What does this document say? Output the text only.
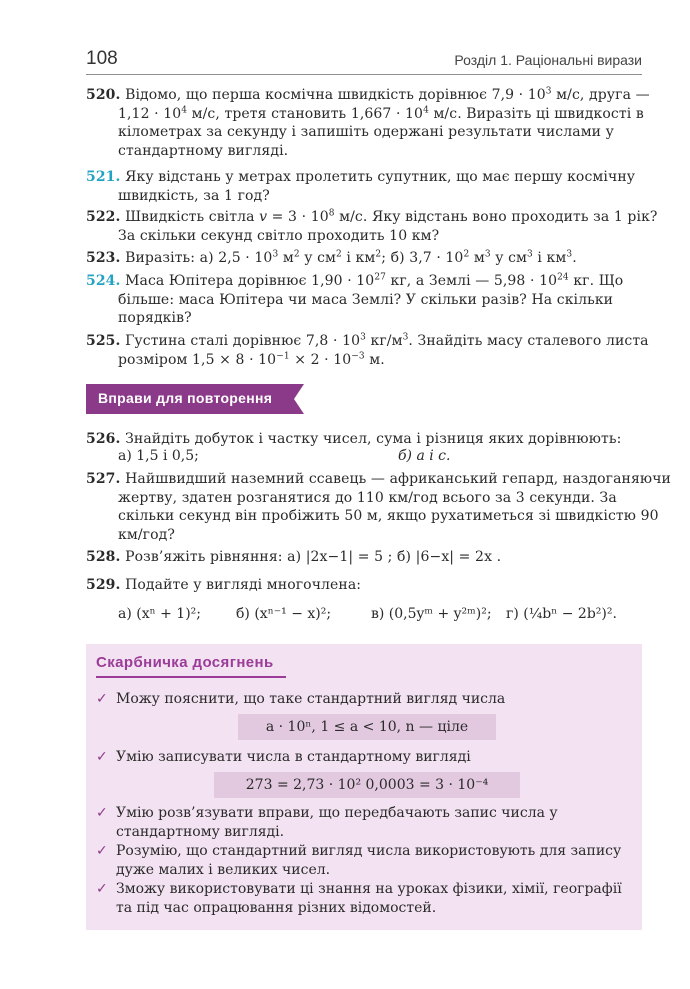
108	Розділ 1. Раціональні вирази
520. Відомо, що перша космічна швидкість дорівнює $7,9 \cdot 10^3$ м/с, друга — $1,12 \cdot 10^4$ м/с, третя становить $1,667 \cdot 10^4$ м/с. Виразіть ці швидкості в кілометрах за секунду і запишіть одержані результати числами у стандартному вигляді.
521. Яку відстань у метрах пролетить супутник, що має першу космічну швидкість, за 1 год?
522. Швидкість світла $v = 3 \cdot 10^8$ м/с. Яку відстань воно проходить за 1 рік? За скільки секунд світло проходить 10 км?
523. Виразіть: а) $2,5 \cdot 10^3$ $м^2$ у $см^2$ і $км^2$; б) $3,7 \cdot 10^2$ $м^3$ у $см^3$ і $км^3$.
524. Маса Юпітера дорівнює $1,90 \cdot 10^{27}$ кг, а Землі — $5,98 \cdot 10^{24}$ кг. Що більше: маса Юпітера чи маса Землі? У скільки разів? На скільки порядків?
525. Густина сталі дорівнює $7,8 \cdot 10^3$ $кг/м^3$. Знайдіть масу сталевого листа розміром $1,5 \times 8 \cdot 10^{-1} \times 2 \cdot 10^{-3}$ м.
Вправи для повторення
526. Знайдіть добуток і частку чисел, сума і різниця яких дорівнюють:
а) 1,5 і 0,5;	б) a і c.
527. Найшвидший наземний ссавець — африканський гепард, наздоганяючи жертву, здатен розганятися до 110 км/год всього за 3 секунди. За скільки секунд він пробіжить 50 м, якщо рухатиметься зі швидкістю 90 км/год?
528. Розв’яжіть рівняння: а) |2x−1| = 5 ; б) |6−x| = 2x .
529. Подайте у вигляді многочлена:
а) (xⁿ + 1)²; б) (xⁿ⁻¹ − x)²;	в) (0,5yᵐ + y²ᵐ)²; г) (¼bⁿ − 2b²)².
Скарбничка досягнень
✓ Можу пояснити, що таке стандартний вигляд числа
a · 10ⁿ, 1 ≤ a < 10, n — ціле
✓ Умію записувати числа в стандартному вигляді
273 = 2,73 · 10² 0,0003 = 3 · 10⁻⁴
✓ Умію розв’язувати вправи, що передбачають запис числа у стандартному вигляді.
✓ Розумію, що стандартний вигляд числа використовують для запису дуже малих і великих чисел.
✓ Зможу використовувати ці знання на уроках фізики, хімії, географії та під час опрацювання різних відомостей.
